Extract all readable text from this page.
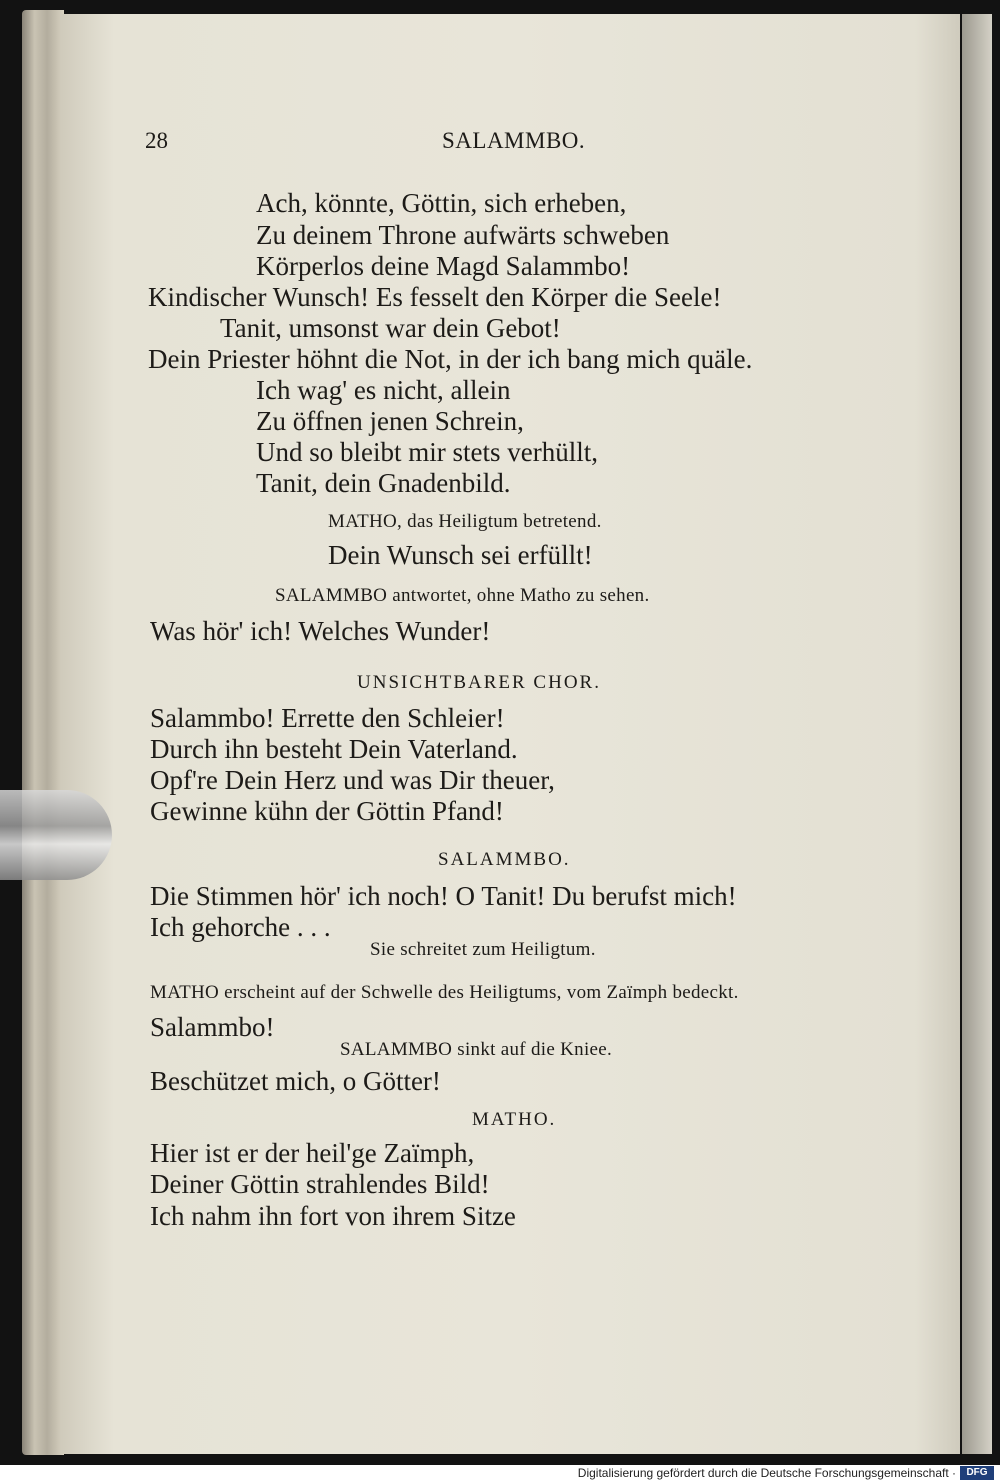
28	SALAMMBO.
Ach, könnte, Göttin, sich erheben,
Zu deinem Throne aufwärts schweben
Körperlos deine Magd Salammbo!
Kindischer Wunsch! Es fesselt den Körper die Seele!
Tanit, umsonst war dein Gebot!
Dein Priester höhnt die Not, in der ich bang mich quäle.
Ich wag' es nicht, allein
Zu öffnen jenen Schrein,
Und so bleibt mir stets verhüllt,
Tanit, dein Gnadenbild.
MATHO, das Heiligtum betretend.
Dein Wunsch sei erfüllt!
SALAMMBO antwortet, ohne Matho zu sehen.
Was hör' ich! Welches Wunder!
UNSICHTBARER CHOR.
Salammbo! Errette den Schleier!
Durch ihn besteht Dein Vaterland.
Opf're Dein Herz und was Dir theuer,
Gewinne kühn der Göttin Pfand!
SALAMMBO.
Die Stimmen hör' ich noch! O Tanit! Du berufst mich!
Ich gehorche . . .
Sie schreitet zum Heiligtum.
MATHO erscheint auf der Schwelle des Heiligtums, vom Zaïmph bedeckt.
Salammbo!
SALAMMBO sinkt auf die Kniee.
Beschützet mich, o Götter!
MATHO.
Hier ist er der heil'ge Zaïmph,
Deiner Göttin strahlendes Bild!
Ich nahm ihn fort von ihrem Sitze
Digitalisierung gefördert durch die Deutsche Forschungsgemeinschaft ·	DFG
